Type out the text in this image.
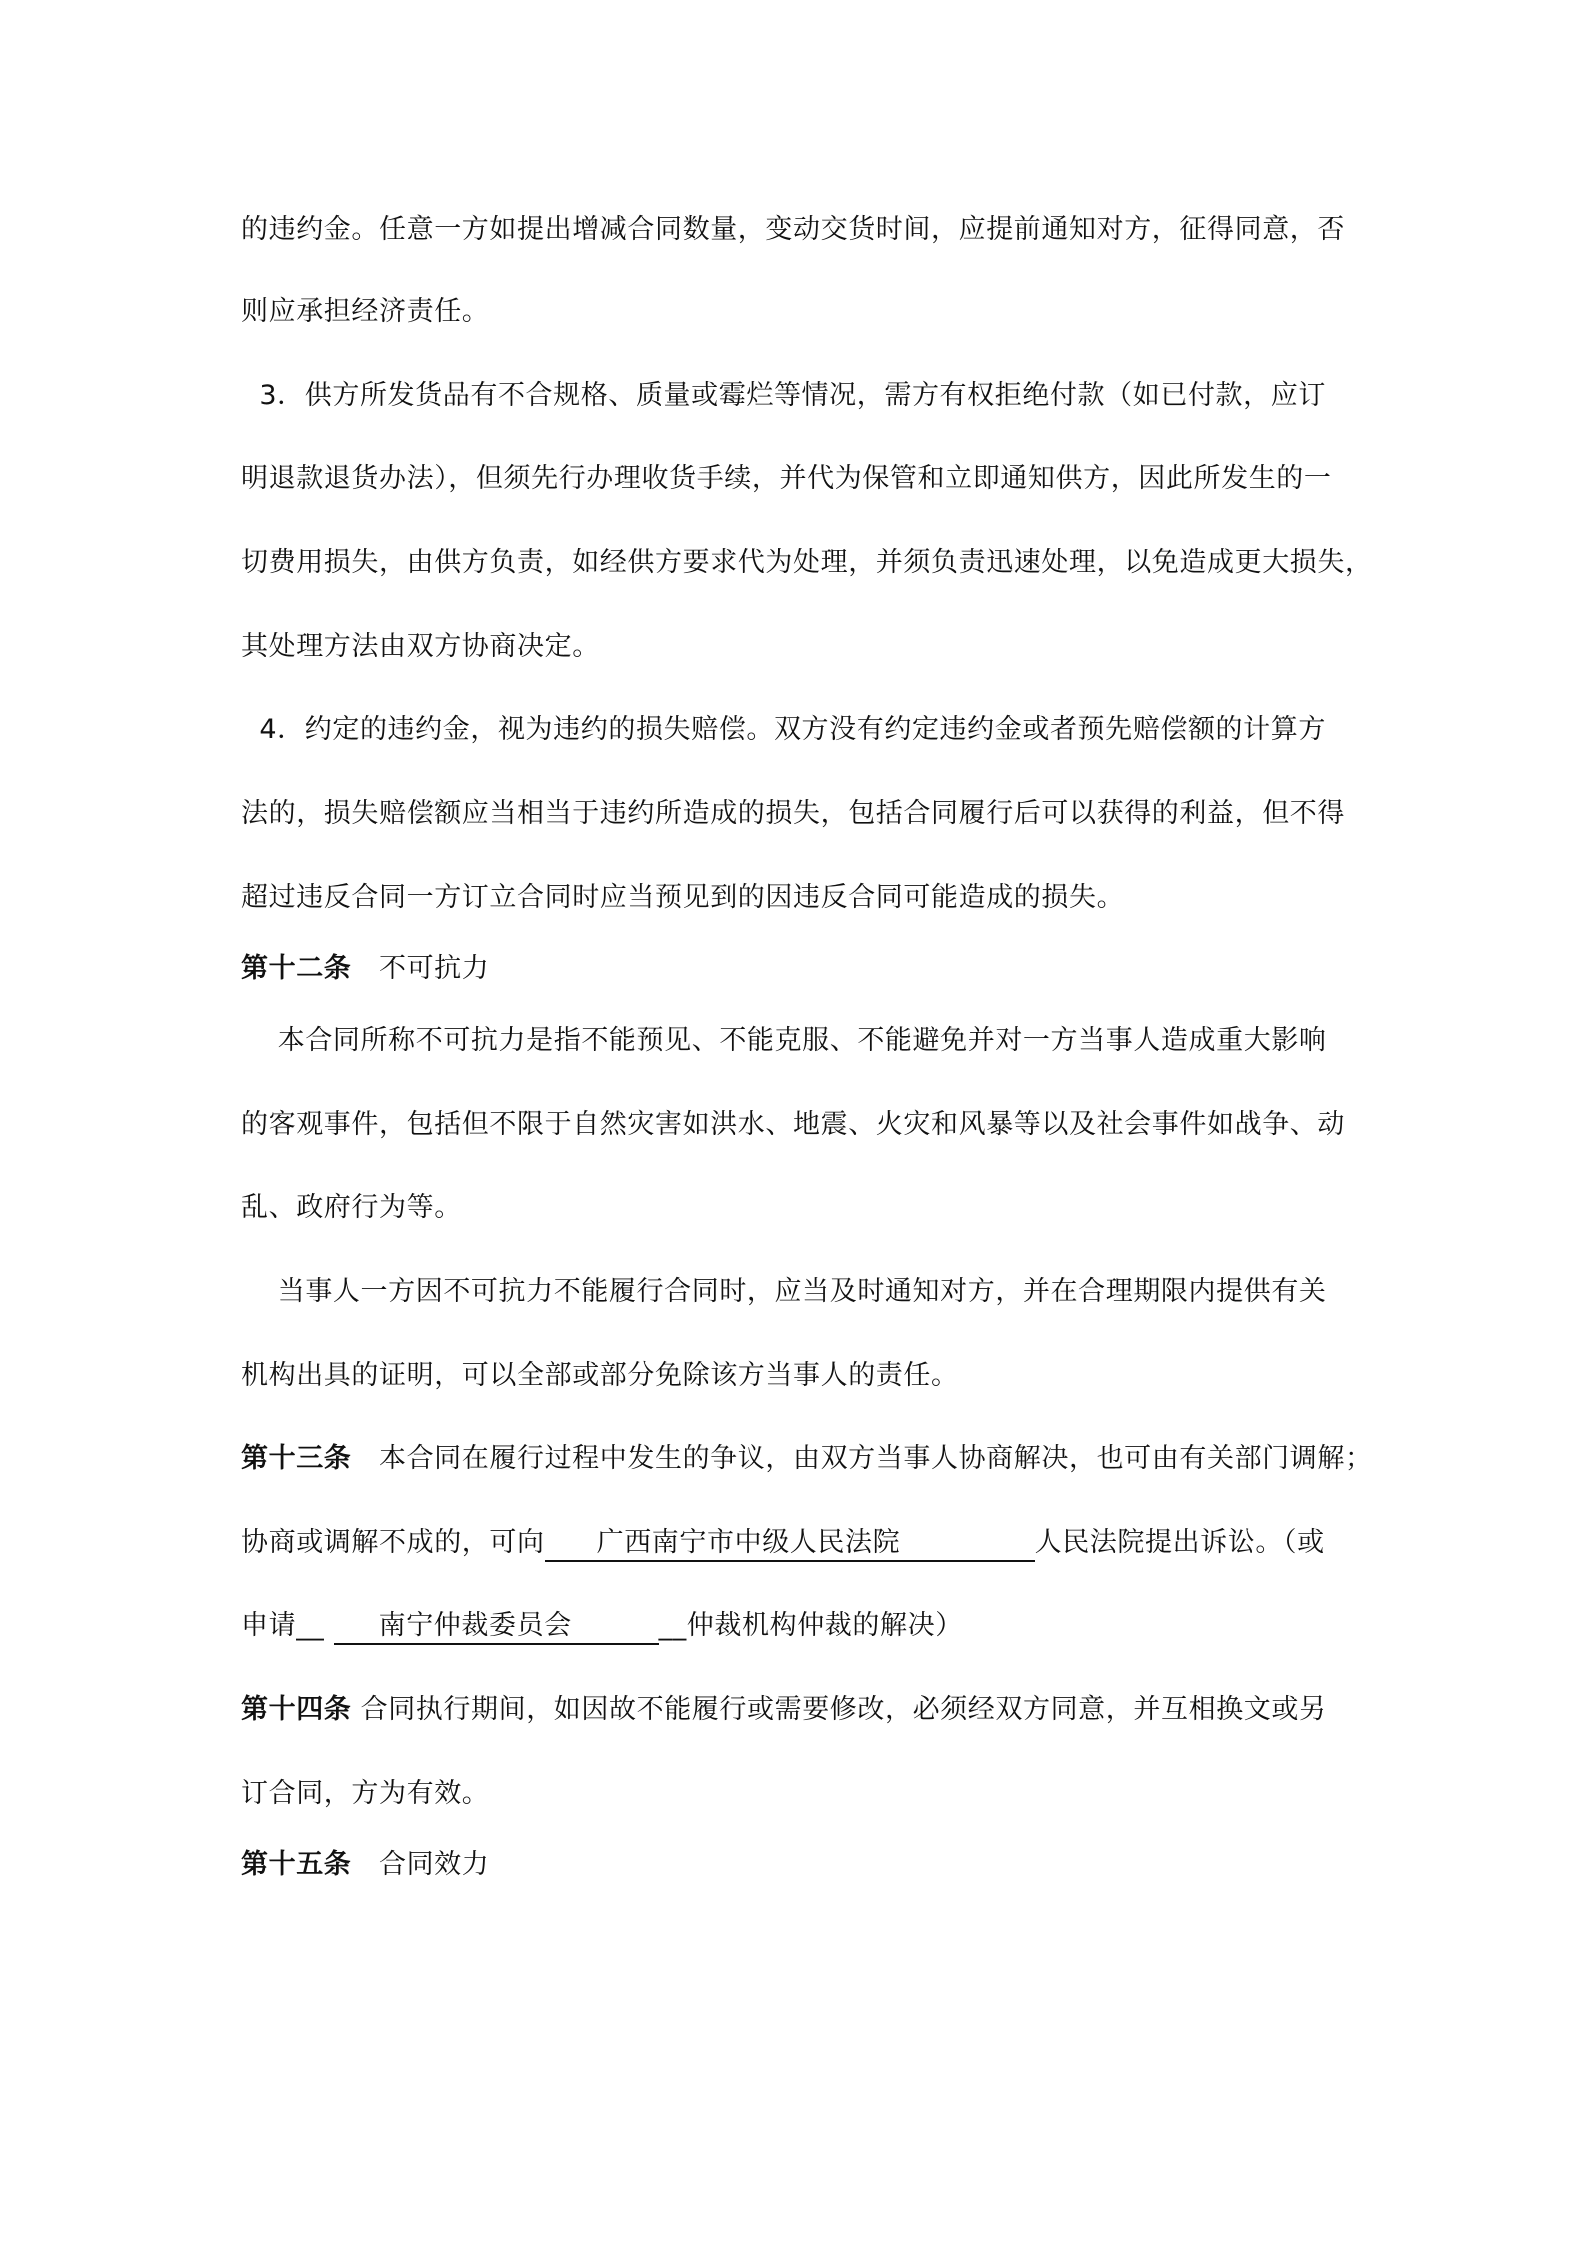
的违约金。任意一方如提出增减合同数量，变动交货时间，应提前通知对方，征得同意，否
则应承担经济责任。
3．供方所发货品有不合规格、质量或霉烂等情况，需方有权拒绝付款（如已付款，应订
明退款退货办法），但须先行办理收货手续，并代为保管和立即通知供方，因此所发生的一
切费用损失，由供方负责，如经供方要求代为处理，并须负责迅速处理，以免造成更大损失，
其处理方法由双方协商决定。
4．约定的违约金，视为违约的损失赔偿。双方没有约定违约金或者预先赔偿额的计算方
法的，损失赔偿额应当相当于违约所造成的损失，包括合同履行后可以获得的利益，但不得
超过违反合同一方订立合同时应当预见到的因违反合同可能造成的损失。
第十二条 不可抗力
本合同所称不可抗力是指不能预见、不能克服、不能避免并对一方当事人造成重大影响
的客观事件，包括但不限于自然灾害如洪水、地震、火灾和风暴等以及社会事件如战争、动
乱、政府行为等。
当事人一方因不可抗力不能履行合同时，应当及时通知对方，并在合理期限内提供有关
机构出具的证明，可以全部或部分免除该方当事人的责任。
第十三条 本合同在履行过程中发生的争议，由双方当事人协商解决，也可由有关部门调解；
协商或调解不成的，可向 广西南宁市中级人民法院	人民法院提出诉讼。（或
申请__ 南宁仲裁委员会	__仲裁机构仲裁的解决）
第十四条 合同执行期间，如因故不能履行或需要修改，必须经双方同意，并互相换文或另
订合同，方为有效。
第十五条 合同效力
